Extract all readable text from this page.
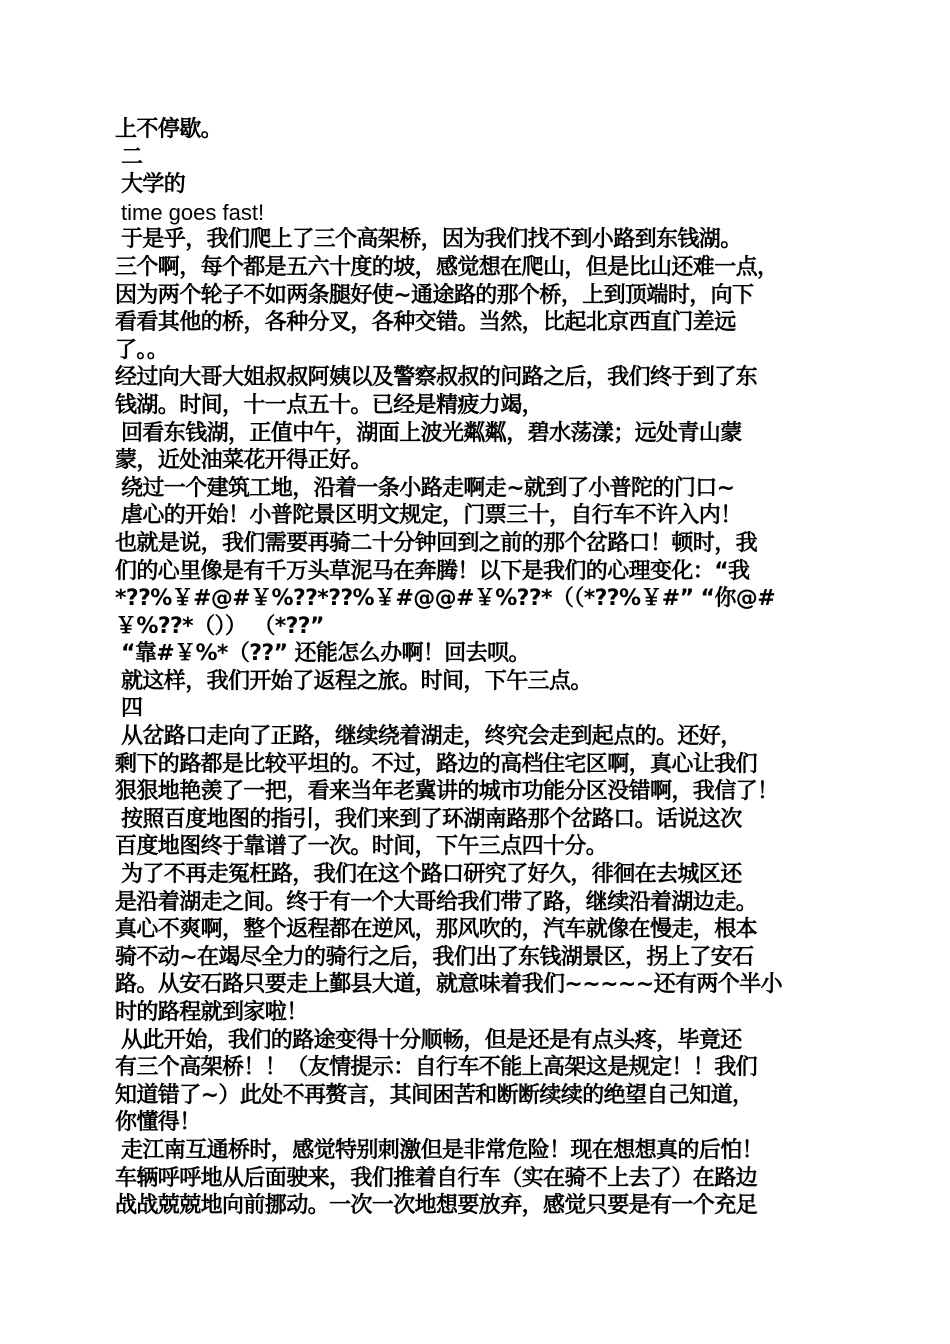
上不停歇。
二
大学的
time goes fast!
于是乎，我们爬上了三个高架桥，因为我们找不到小路到东钱湖。
三个啊，每个都是五六十度的坡，感觉想在爬山，但是比山还难一点，
因为两个轮子不如两条腿好使~通途路的那个桥，上到顶端时，向下
看看其他的桥，各种分叉，各种交错。当然，比起北京西直门差远
了。。
经过向大哥大姐叔叔阿姨以及警察叔叔的问路之后，我们终于到了东
钱湖。时间，十一点五十。已经是精疲力竭，
回看东钱湖，正值中午，湖面上波光粼粼，碧水荡漾；远处青山蒙
蒙，近处油菜花开得正好。
绕过一个建筑工地，沿着一条小路走啊走~就到了小普陀的门口~
虐心的开始！小普陀景区明文规定，门票三十，自行车不许入内！
也就是说，我们需要再骑二十分钟回到之前的那个岔路口！顿时，我
们的心里像是有千万头草泥马在奔腾！以下是我们的心理变化：“我
*??%￥#@#￥%??*??%￥#@@#￥%??*（（*??%￥#” “你@#
￥%??*（）） （*??”
“靠#￥%*（??” 还能怎么办啊！回去呗。
就这样，我们开始了返程之旅。时间，下午三点。
四
从岔路口走向了正路，继续绕着湖走，终究会走到起点的。还好，
剩下的路都是比较平坦的。不过，路边的高档住宅区啊，真心让我们
狠狠地艳羡了一把，看来当年老冀讲的城市功能分区没错啊，我信了！
按照百度地图的指引，我们来到了环湖南路那个岔路口。话说这次
百度地图终于靠谱了一次。时间，下午三点四十分。
为了不再走冤枉路，我们在这个路口研究了好久，徘徊在去城区还
是沿着湖走之间。终于有一个大哥给我们带了路，继续沿着湖边走。
真心不爽啊，整个返程都在逆风，那风吹的，汽车就像在慢走，根本
骑不动~在竭尽全力的骑行之后，我们出了东钱湖景区，拐上了安石
路。从安石路只要走上鄞县大道，就意味着我们~~~~~还有两个半小
时的路程就到家啦！
从此开始，我们的路途变得十分顺畅，但是还是有点头疼，毕竟还
有三个高架桥！！（友情提示：自行车不能上高架这是规定！！我们
知道错了~）此处不再赘言，其间困苦和断断续续的绝望自己知道，
你懂得！
走江南互通桥时，感觉特别刺激但是非常危险！现在想想真的后怕！
车辆呼呼地从后面驶来，我们推着自行车（实在骑不上去了）在路边
战战兢兢地向前挪动。一次一次地想要放弃，感觉只要是有一个充足
